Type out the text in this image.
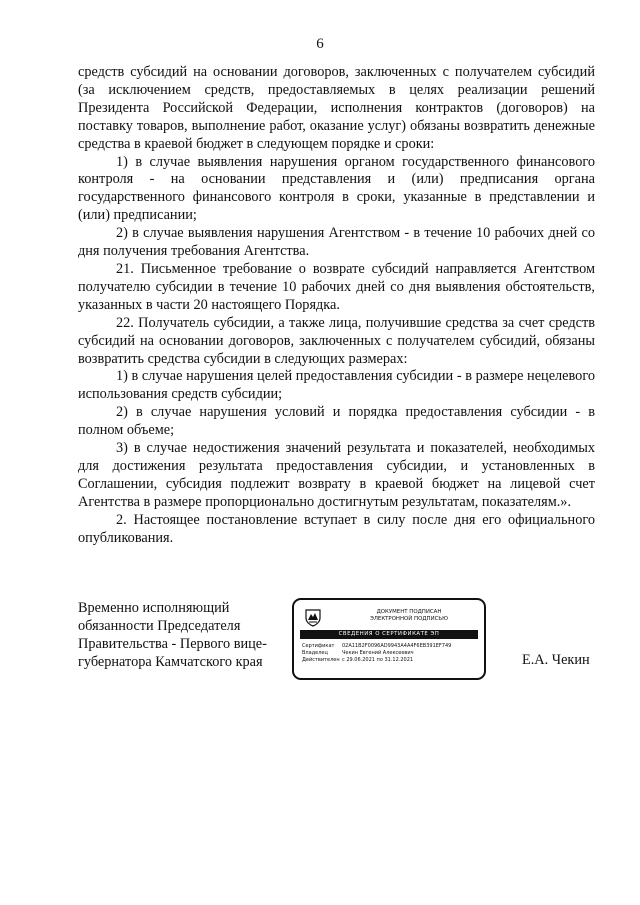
6

средств субсидий на основании договоров, заключенных с получателем субсидий (за исключением средств, предоставляемых в целях реализации решений Президента Российской Федерации, исполнения контрактов (договоров) на поставку товаров, выполнение работ, оказание услуг) обязаны возвратить денежные средства в краевой бюджет в следующем порядке и сроки:

1) в случае выявления нарушения органом государственного финансового контроля - на основании представления и (или) предписания органа государственного финансового контроля в сроки, указанные в представлении и (или) предписании;

2) в случае выявления нарушения Агентством - в течение 10 рабочих дней со дня получения требования Агентства.

21. Письменное требование о возврате субсидий направляется Агентством получателю субсидии в течение 10 рабочих дней со дня выявления обстоятельств, указанных в части 20 настоящего Порядка.

22. Получатель субсидии, а также лица, получившие средства за счет средств субсидий на основании договоров, заключенных с получателем субсидий, обязаны возвратить средства субсидии в следующих размерах:

1) в случае нарушения целей предоставления субсидии - в размере нецелевого использования средств субсидии;

2) в случае нарушения условий и порядка предоставления субсидии - в полном объеме;

3) в случае недостижения значений результата и показателей, необходимых для достижения результата предоставления субсидии, и установленных в Соглашении, субсидия подлежит возврату в краевой бюджет на лицевой счет Агентства в размере пропорционально достигнутым результатам, показателям.».

2. Настоящее постановление вступает в силу после дня его официального опубликования.

Временно исполняющий
обязанности Председателя
Правительства - Первого вице-
губернатора Камчатского края
ДОКУМЕНТ ПОДПИСАН
ЭЛЕКТРОННОЙ ПОДПИСЬЮ
СВЕДЕНИЯ О СЕРТИФИКАТЕ ЭП
Сертификат	02A11B2F0096AD9943A4A4F6EB391EF749
Владелец	Чекин Евгений Алексеевич
Действителен с 29.06.2021 по 31.12.2021	Е.А. Чекин
